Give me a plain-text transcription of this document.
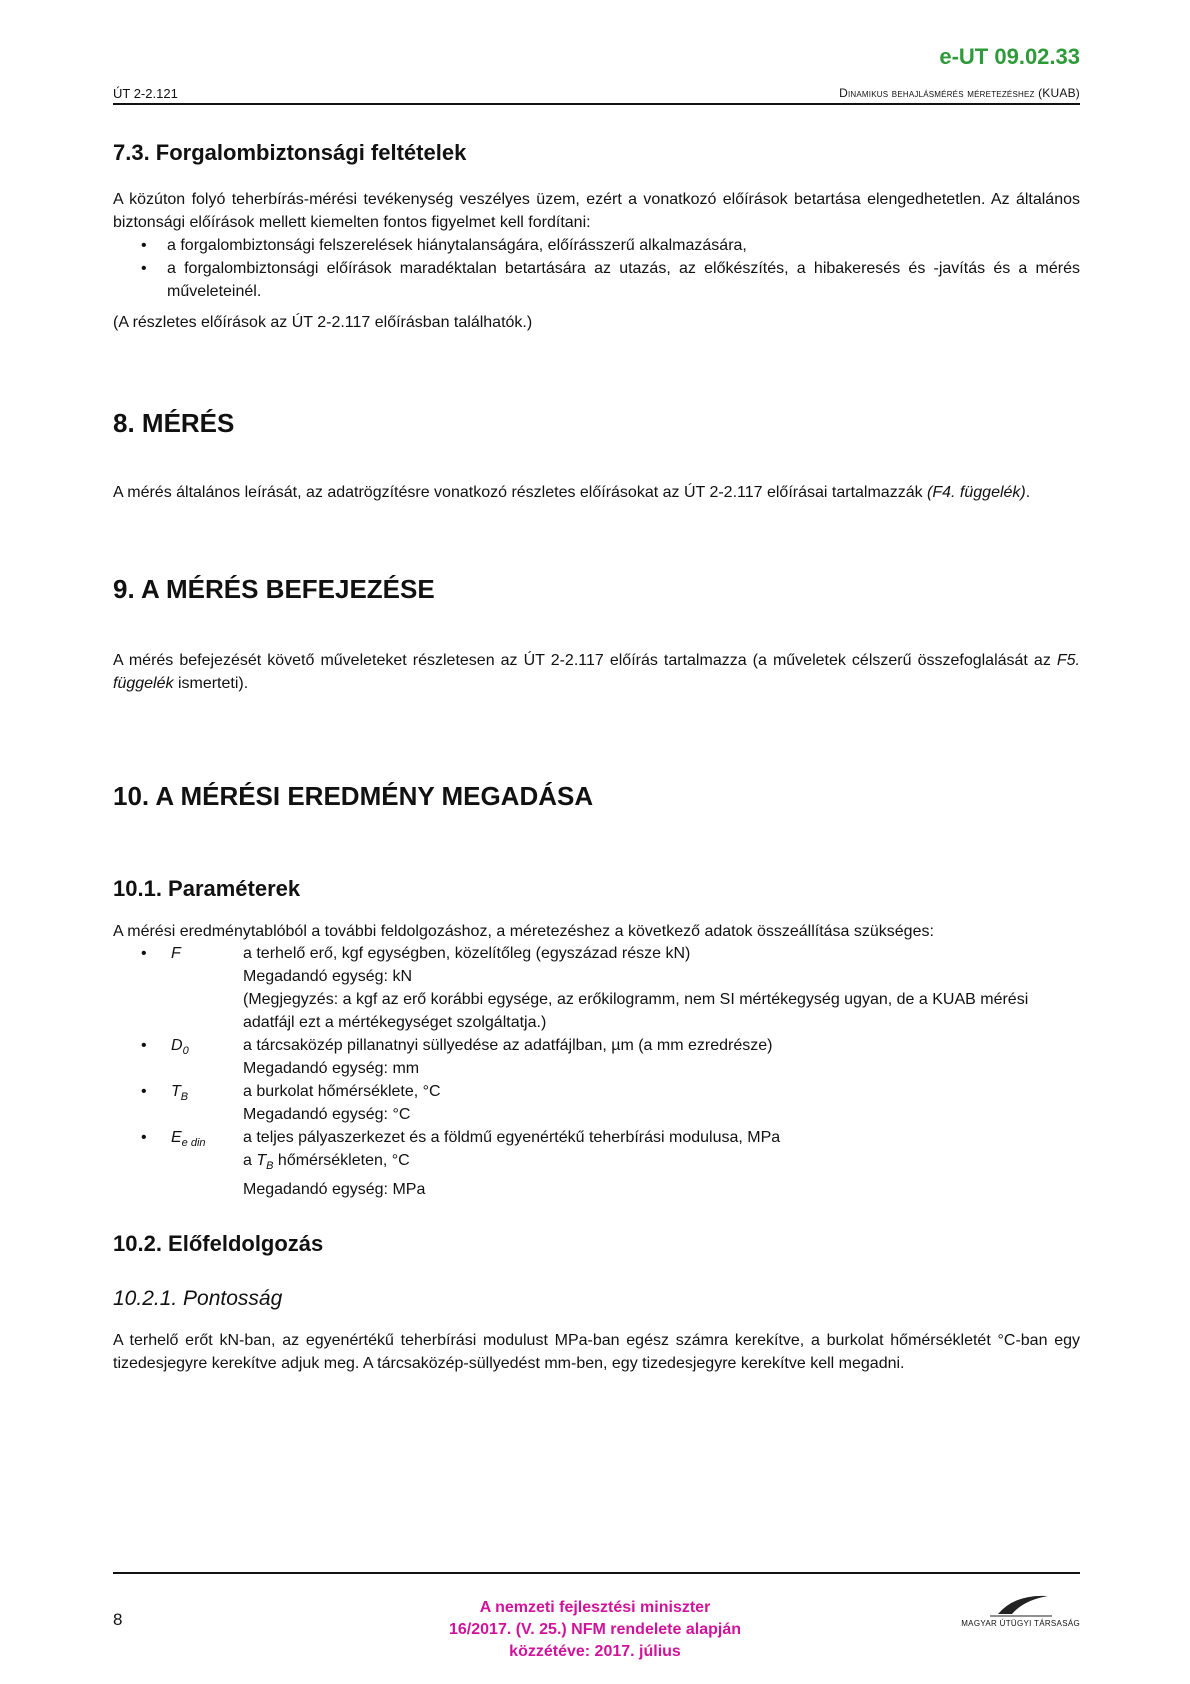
e-UT 09.02.33
ÚT 2-2.121	Dinamikus behajlásmérés méretezéshez (KUAB)
7.3. Forgalombiztonsági feltételek

A közúton folyó teherbírás-mérési tevékenység veszélyes üzem, ezért a vonatkozó előírások betartása elengedhetetlen. Az általános biztonsági előírások mellett kiemelten fontos figyelmet kell fordítani:

• a forgalombiztonsági felszerelések hiánytalanságára, előírásszerű alkalmazására,
• a forgalombiztonsági előírások maradéktalan betartására az utazás, az előkészítés, a hibakeresés és -javítás és a mérés műveleteinél.

(A részletes előírások az ÚT 2-2.117 előírásban találhatók.)

8. MÉRÉS

A mérés általános leírását, az adatrögzítésre vonatkozó részletes előírásokat az ÚT 2-2.117 előírásai tartalmazzák (F4. függelék).

9. A MÉRÉS BEFEJEZÉSE

A mérés befejezését követő műveleteket részletesen az ÚT 2-2.117 előírás tartalmazza (a műveletek célszerű összefoglalását az F5. függelék ismerteti).

10. A MÉRÉSI EREDMÉNY MEGADÁSA
10.1. Paraméterek

A mérési eredménytablóból a további feldolgozáshoz, a méretezéshez a következő adatok összeállítása szükséges:

• F	a terhelő erő, kgf egységben, közelítőleg (egyszázad része kN)
Megadandó egység: kN
(Megjegyzés: a kgf az erő korábbi egysége, az erőkilogramm, nem SI mértékegység ugyan, de a KUAB mérési adatfájl ezt a mértékegységet szolgáltatja.)
• $D_0$	a tárcsaközép pillanatnyi süllyedése az adatfájlban, µm (a mm ezredrésze)
Megadandó egység: mm
• $T_B$	a burkolat hőmérséklete, °C
Megadandó egység: °C
• $E_{e din}$ a teljes pályaszerkezet és a földmű egyenértékű teherbírási modulusa, MPa
a $T_B$ hőmérsékleten, °C
Megadandó egység: MPa
10.2. Előfeldolgozás
10.2.1. Pontosság

A terhelő erőt kN-ban, az egyenértékű teherbírási modulust MPa-ban egész számra kerekítve, a burkolat hőmérsékletét °C-ban egy tizedesjegyre kerekítve adjuk meg. A tárcsaközép-süllyedést mm-ben, egy tizedesjegyre kerekítve kell megadni.

8
A nemzeti fejlesztési miniszter
16/2017. (V. 25.) NFM rendelete alapján
közzétéve: 2017. július
MAGYAR ÚTÜGYI TÁRSASÁG
